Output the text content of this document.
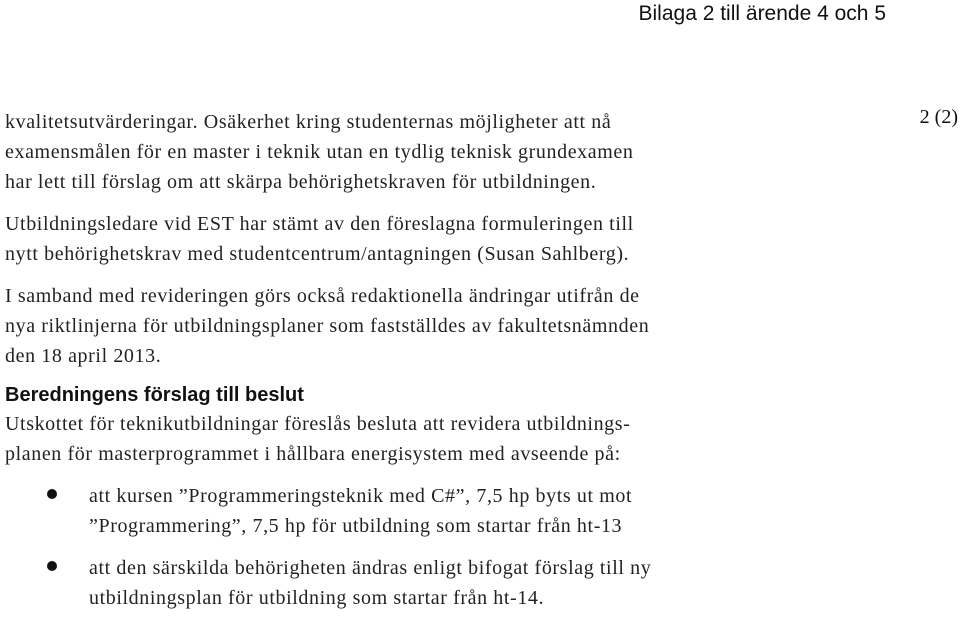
Bilaga 2 till ärende 4 och 5
2 (2)
kvalitetsutvärderingar. Osäkerhet kring studenternas möjligheter att nå
examensmålen för en master i teknik utan en tydlig teknisk grundexamen
har lett till förslag om att skärpa behörighetskraven för utbildningen.
Utbildningsledare vid EST har stämt av den föreslagna formuleringen till
nytt behörighetskrav med studentcentrum/antagningen (Susan Sahlberg).
I samband med revideringen görs också redaktionella ändringar utifrån de
nya riktlinjerna för utbildningsplaner som fastställdes av fakultetsnämnden
den 18 april 2013.
Beredningens förslag till beslut
Utskottet för teknikutbildningar föreslås besluta att revidera utbildnings-
planen för masterprogrammet i hållbara energisystem med avseende på:
att kursen ”Programmeringsteknik med C#”, 7,5 hp byts ut mot
”Programmering”, 7,5 hp för utbildning som startar från ht-13
att den särskilda behörigheten ändras enligt bifogat förslag till ny
utbildningsplan för utbildning som startar från ht-14.
